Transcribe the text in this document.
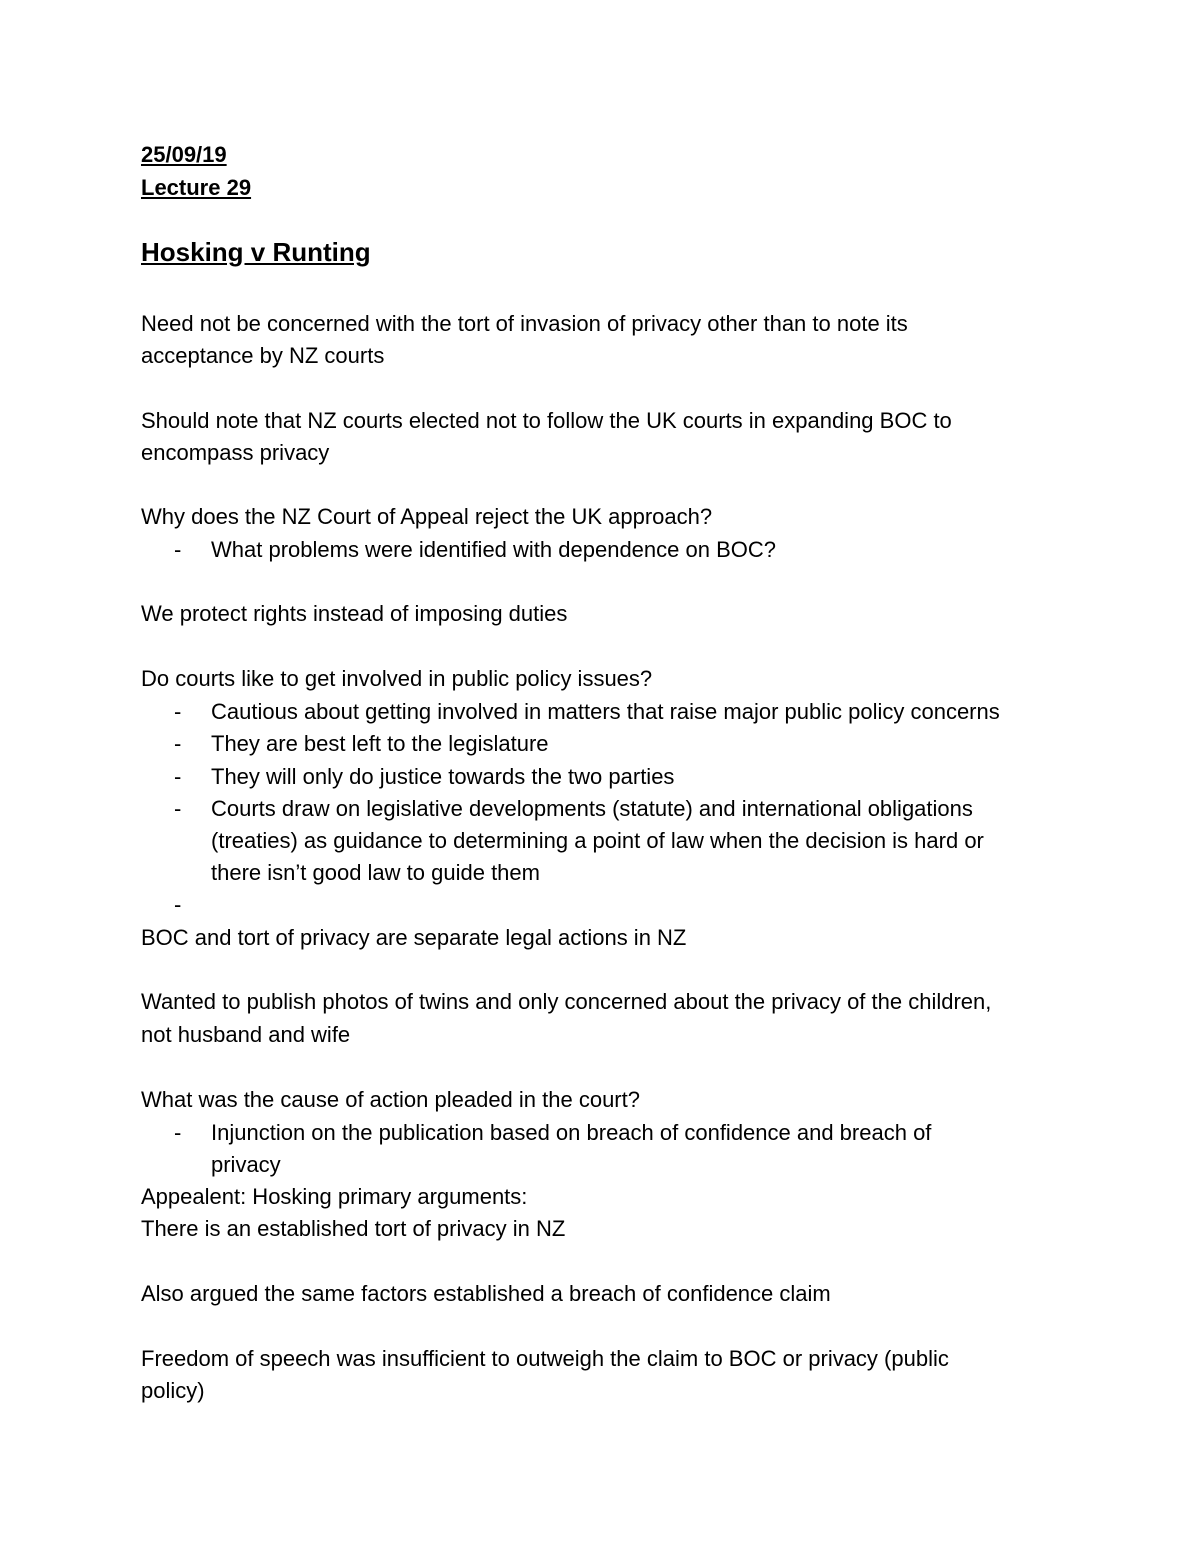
25/09/19
Lecture 29
Hosking v Runting
Need not be concerned with the tort of invasion of privacy other than to note its
acceptance by NZ courts
Should note that NZ courts elected not to follow the UK courts in expanding BOC to
encompass privacy
Why does the NZ Court of Appeal reject the UK approach?
- What problems were identified with dependence on BOC?
We protect rights instead of imposing duties
Do courts like to get involved in public policy issues?
- Cautious about getting involved in matters that raise major public policy concerns
- They are best left to the legislature
- They will only do justice towards the two parties
- Courts draw on legislative developments (statute) and international obligations
(treaties) as guidance to determining a point of law when the decision is hard or
there isn’t good law to guide them
-
BOC and tort of privacy are separate legal actions in NZ
Wanted to publish photos of twins and only concerned about the privacy of the children,
not husband and wife
What was the cause of action pleaded in the court?
- Injunction on the publication based on breach of confidence and breach of
privacy
Appealent: Hosking primary arguments:
There is an established tort of privacy in NZ
Also argued the same factors established a breach of confidence claim
Freedom of speech was insufficient to outweigh the claim to BOC or privacy (public
policy)
